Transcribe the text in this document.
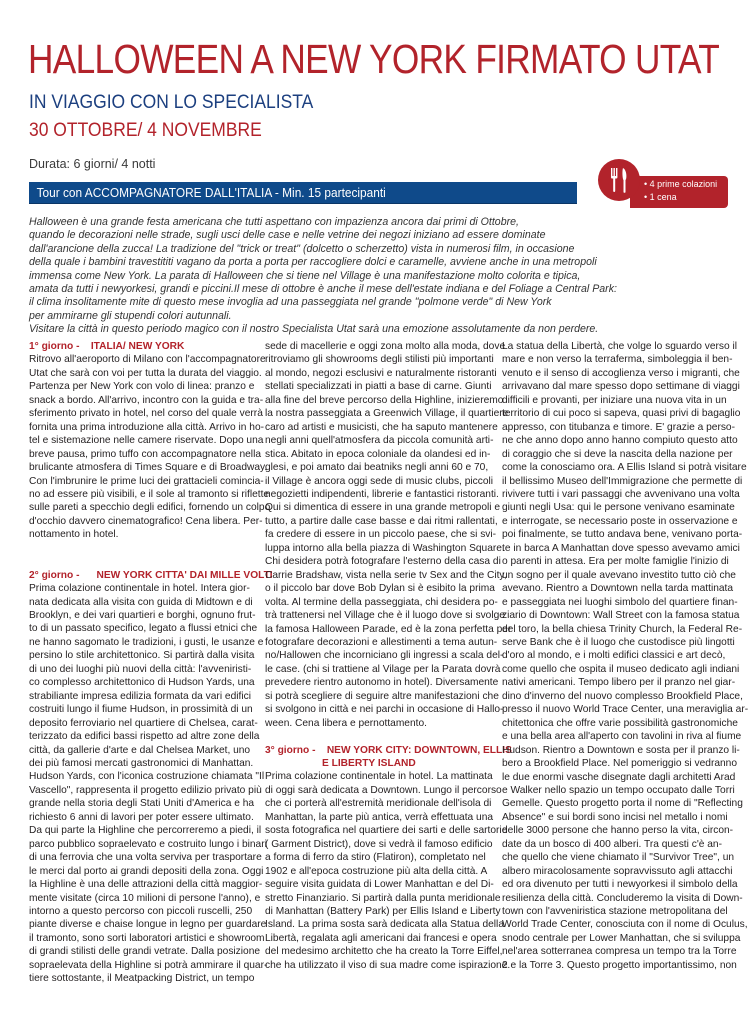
HALLOWEEN A NEW YORK FIRMATO UTAT
IN VIAGGIO CON LO SPECIALISTA
30 OTTOBRE/ 4 NOVEMBRE
Durata: 6 giorni/ 4 notti
Tour con ACCOMPAGNATORE DALL'ITALIA - Min. 15 partecipanti
• 4 prime colazioni
• 1 cena

Halloween è una grande festa americana che tutti aspettano con impazienza ancora dai primi di Ottobre,

quando le decorazioni nelle strade, sugli usci delle case e nelle vetrine dei negozi iniziano ad essere dominate

dall'arancione della zucca! La tradizione del "trick or treat" (dolcetto o scherzetto) vista in numerosi film, in occasione

della quale i bambini travestititi vagano da porta a porta per raccogliere dolci e caramelle, avviene anche in una metropoli

immensa come New York. La parata di Halloween che si tiene nel Village è una manifestazione molto colorita e tipica,

amata da tutti i newyorkesi, grandi e piccini.Il mese di ottobre è anche il mese dell'estate indiana e del Foliage a Central Park:

il clima insolitamente mite di questo mese invoglia ad una passeggiata nel grande "polmone verde" di New York

per ammirarne gli stupendi colori autunnali.

Visitare la città in questo periodo magico con il nostro Specialista Utat sarà una emozione assolutamente da non perdere.

1° giorno - ITALIA/ NEW YORK

Ritrovo all'aeroporto di Milano con l'accompagnatore

Utat che sarà con voi per tutta la durata del viaggio.

Partenza per New York con volo di linea: pranzo e

snack a bordo. All'arrivo, incontro con la guida e tra-

sferimento privato in hotel, nel corso del quale verrà

fornita una prima introduzione alla città. Arrivo in ho-

tel e sistemazione nelle camere riservate. Dopo una

breve pausa, primo tuffo con accompagnatore nella

brulicante atmosfera di Times Square e di Broadway.

Con l'imbrunire le prime luci dei grattacieli comincia-

no ad essere più visibili, e il sole al tramonto si riflette

sulle pareti a specchio degli edifici, fornendo un colpo

d'occhio davvero cinematografico! Cena libera. Per-

nottamento in hotel.

2° giorno - NEW YORK CITTA' DAI MILLE VOLTI

Prima colazione continentale in hotel. Intera gior-

nata dedicata alla visita con guida di Midtown e di

Brooklyn, e dei vari quartieri e borghi, ognuno frut-

to di un passato specifico, legato a flussi etnici che

ne hanno sagomato le tradizioni, i gusti, le usanze e

persino lo stile architettonico. Si partirà dalla visita

di uno dei luoghi più nuovi della città: l'avveniristi-

co complesso architettonico di Hudson Yards, una

strabiliante impresa edilizia formata da vari edifici

costruiti lungo il fiume Hudson, in prossimità di un

deposito ferroviario nel quartiere di Chelsea, carat-

terizzato da edifici bassi rispetto ad altre zone della

città, da gallerie d'arte e dal Chelsea Market, uno

dei più famosi mercati gastronomici di Manhattan.

Hudson Yards, con l'iconica costruzione chiamata "Il

Vascello", rappresenta il progetto edilizio privato più

grande nella storia degli Stati Uniti d'America e ha

richiesto 6 anni di lavori per poter essere ultimato.

Da qui parte la Highline che percorreremo a piedi, il

parco pubblico sopraelevato e costruito lungo i binari

di una ferrovia che una volta serviva per trasportare

le merci dal porto ai grandi depositi della zona. Oggi

la Highline è una delle attrazioni della città maggior-

mente visitate (circa 10 milioni di persone l'anno), e

intorno a questo percorso con piccoli ruscelli, 250

piante diverse e chaise longue in legno per guardare

il tramonto, sono sorti laboratori artistici e showroom

di grandi stilisti delle grandi vetrate. Dalla posizione

sopraelevata della Highline si potrà ammirare il quar-

tiere sottostante, il Meatpacking District, un tempo

sede di macellerie e oggi zona molto alla moda, dove

ritroviamo gli showrooms degli stilisti più importanti

al mondo, negozi esclusivi e naturalmente ristoranti

stellati specializzati in piatti a base di carne. Giunti

alla fine del breve percorso della Highline, inizieremo

la nostra passeggiata a Greenwich Village, il quartiere

caro ad artisti e musicisti, che ha saputo mantenere

negli anni quell'atmosfera da piccola comunità arti-

stica. Abitato in epoca coloniale da olandesi ed in-

glesi, e poi amato dai beatniks negli anni 60 e 70,

il Village è ancora oggi sede di music clubs, piccoli

negozietti indipendenti, librerie e fantastici ristoranti.

Qui si dimentica di essere in una grande metropoli e

tutto, a partire dalle case basse e dai ritmi rallentati,

fa credere di essere in un piccolo paese, che si svi-

luppa intorno alla bella piazza di Washington Square.

Chi desidera potrà fotografare l'esterno della casa di

Carrie Bradshaw, vista nella serie tv Sex and the City,

o il piccolo bar dove Bob Dylan si è esibito la prima

volta. Al termine della passeggiata, chi desidera po-

trà trattenersi nel Village che è il luogo dove si svolge

la famosa Halloween Parade, ed è la zona perfetta per

fotografare decorazioni e allestimenti a tema autun-

no/Hallowen che incorniciano gli ingressi a scala del-

le case. (chi si trattiene al Vilage per la Parata dovrà

prevedere rientro autonomo in hotel). Diversamente

si potrà scegliere di seguire altre manifestazioni che

si svolgono in città e nei parchi in occasione di Hallo-

ween. Cena libera e pernottamento.

3° giorno - NEW YORK CITY: DOWNTOWN, ELLIS
E LIBERTY ISLAND

Prima colazione continentale in hotel. La mattinata

di oggi sarà dedicata a Downtown. Lungo il percorso

che ci porterà all'estremità meridionale dell'isola di

Manhattan, la parte più antica, verrà effettuata una

sosta fotografica nel quartiere dei sarti e delle sartorie

( Garment District), dove si vedrà il famoso edificio

a forma di ferro da stiro (Flatiron), completato nel

1902 e all'epoca costruzione più alta della città. A

seguire visita guidata di Lower Manhattan e del Di-

stretto Finanziario. Si partirà dalla punta meridionale

di Manhattan (Battery Park) per Ellis Island e Liberty

Island. La prima sosta sarà dedicata alla Statua della

Libertà, regalata agli americani dai francesi e opera

del medesimo architetto che ha creato la Torre Eiffel,

che ha utilizzato il viso di sua madre come ispirazione.

La statua della Libertà, che volge lo sguardo verso il

mare e non verso la terraferma, simboleggia il ben-

venuto e il senso di accoglienza verso i migranti, che

arrivavano dal mare spesso dopo settimane di viaggi

difficili e provanti, per iniziare una nuova vita in un

territorio di cui poco si sapeva, quasi privi di bagaglio

appresso, con titubanza e timore. E' grazie a perso-

ne che anno dopo anno hanno compiuto questo atto

di coraggio che si deve la nascita della nazione per

come la conosciamo ora. A Ellis Island si potrà visitare

il bellissimo Museo dell'Immigrazione che permette di

rivivere tutti i vari passaggi che avvenivano una volta

giunti negli Usa: qui le persone venivano esaminate

e interrogate, se necessario poste in osservazione e

poi finalmente, se tutto andava bene, venivano porta-

te in barca A Manhattan dove spesso avevamo amici

o parenti in attesa. Era per molte famiglie l'inizio di

un sogno per il quale avevano investito tutto ciò che

avevano. Rientro a Downtown nella tarda mattinata

e passeggiata nei luoghi simbolo del quartiere finan-

ziario di Downtown: Wall Street con la famosa statua

del toro, la bella chiesa Trinity Church, la Federal Re-

serve Bank che è il luogo che custodisce più lingotti

d'oro al mondo, e i molti edifici classici e art decò,

come quello che ospita il museo dedicato agli indiani

nativi americani. Tempo libero per il pranzo nel giar-

dino d'inverno del nuovo complesso Brookfield Place,

presso il nuovo World Trace Center, una meraviglia ar-

chitettonica che offre varie possibilità gastronomiche

e una bella area all'aperto con tavolini in riva al fiume

Hudson. Rientro a Downtown e sosta per il pranzo li-

bero a Brookfield Place. Nel pomeriggio si vedranno

le due enormi vasche disegnate dagli architetti Arad

e Walker nello spazio un tempo occupato dalle Torri

Gemelle. Questo progetto porta il nome di "Reflecting

Absence" e sui bordi sono incisi nel metallo i nomi

delle 3000 persone che hanno perso la vita, circon-

date da un bosco di 400 alberi. Tra questi c'è an-

che quello che viene chiamato il "Survivor Tree", un

albero miracolosamente sopravvissuto agli attacchi

ed ora divenuto per tutti i newyorkesi il simbolo della

resilienza della città. Concluderemo la visita di Down-

town con l'avveniristica stazione metropolitana del

World Trade Center, conosciuta con il nome di Oculus,

snodo centrale per Lower Manhattan, che si sviluppa

nel'area sotterranea compresa un tempo tra la Torre

2 e la Torre 3. Questo progetto importantissimo, non
